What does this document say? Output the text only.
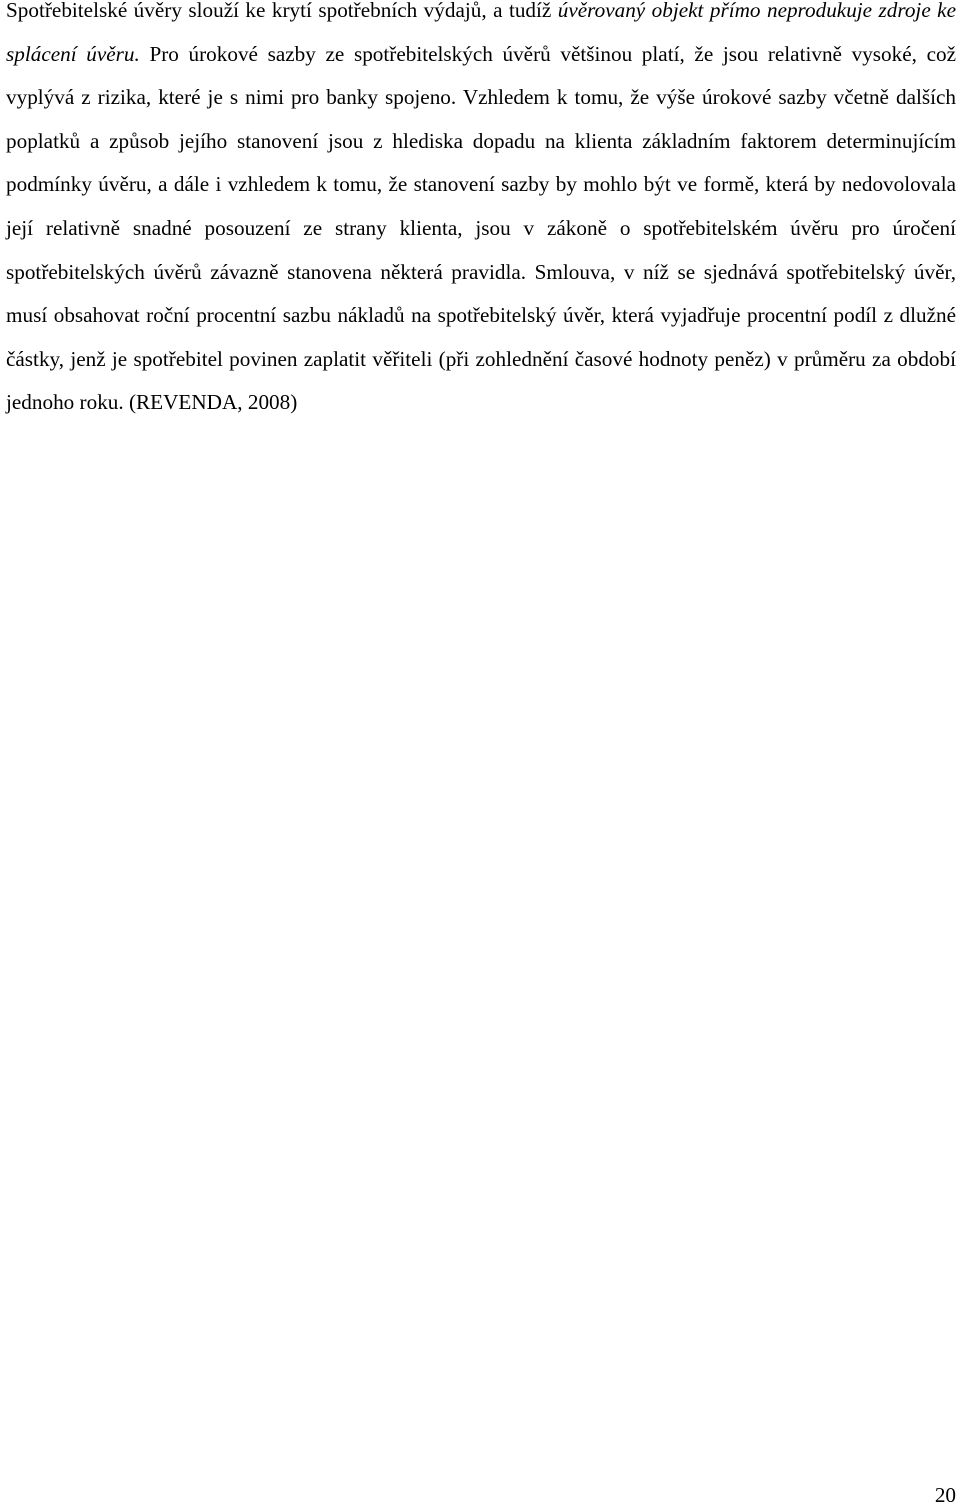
Spotřebitelské úvěry slouží ke krytí spotřebních výdajů, a tudíž úvěrovaný objekt přímo neprodukuje zdroje ke splácení úvěru. Pro úrokové sazby ze spotřebitelských úvěrů většinou platí, že jsou relativně vysoké, což vyplývá z rizika, které je s nimi pro banky spojeno. Vzhledem k tomu, že výše úrokové sazby včetně dalších poplatků a způsob jejího stanovení jsou z hlediska dopadu na klienta základním faktorem determinujícím podmínky úvěru, a dále i vzhledem k tomu, že stanovení sazby by mohlo být ve formě, která by nedovolovala její relativně snadné posouzení ze strany klienta, jsou v zákoně o spotřebitelském úvěru pro úročení spotřebitelských úvěrů závazně stanovena některá pravidla. Smlouva, v níž se sjednává spotřebitelský úvěr, musí obsahovat roční procentní sazbu nákladů na spotřebitelský úvěr, která vyjadřuje procentní podíl z dlužné částky, jenž je spotřebitel povinen zaplatit věřiteli (při zohlednění časové hodnoty peněz) v průměru za období jednoho roku. (REVENDA, 2008)

20
